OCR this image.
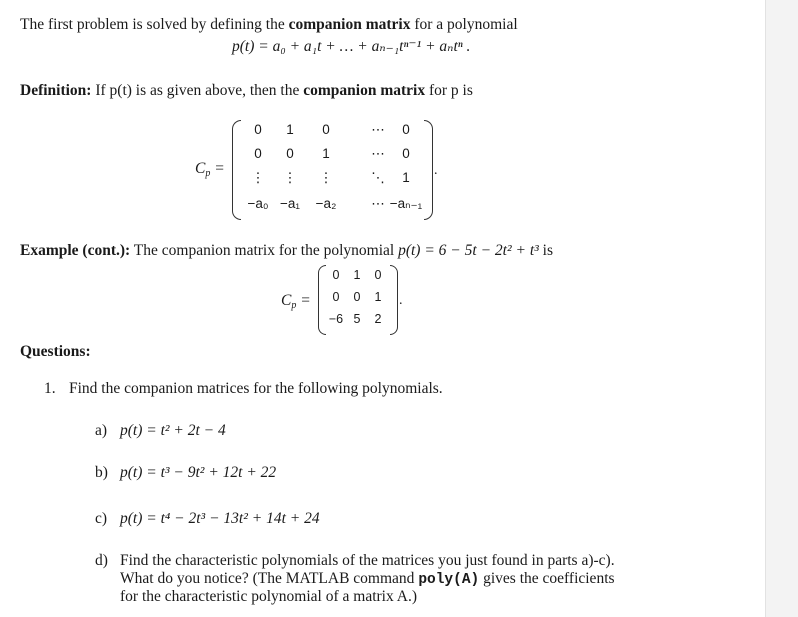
The first problem is solved by defining the companion matrix for a polynomial
p(t) = a₀ + a₁t + … + aₙ₋₁tⁿ⁻¹ + aₙtⁿ .
Definition: If p(t) is as given above, then the companion matrix for p is
$C_p$ =
0	1	0	⋯	0
0	0	1	⋯	0
⋮	⋮	⋮	⋱	1
−a₀ −a₁	−a₂	⋯ −aₙ₋₁
.
Example (cont.): The companion matrix for the polynomial p(t) = 6 − 5t − 2t² + t³ is
$C_p$ =
0	1	0
0	0	1
−6 5	2
.
Questions:
1. Find the companion matrices for the following polynomials.
a) p(t) = t² + 2t − 4
b) p(t) = t³ − 9t² + 12t + 22
c) p(t) = t⁴ − 2t³ − 13t² + 14t + 24
d) Find the characteristic polynomials of the matrices you just found in parts a)-c).
What do you notice? (The MATLAB command poly(A) gives the coefficients
for the characteristic polynomial of a matrix A.)
